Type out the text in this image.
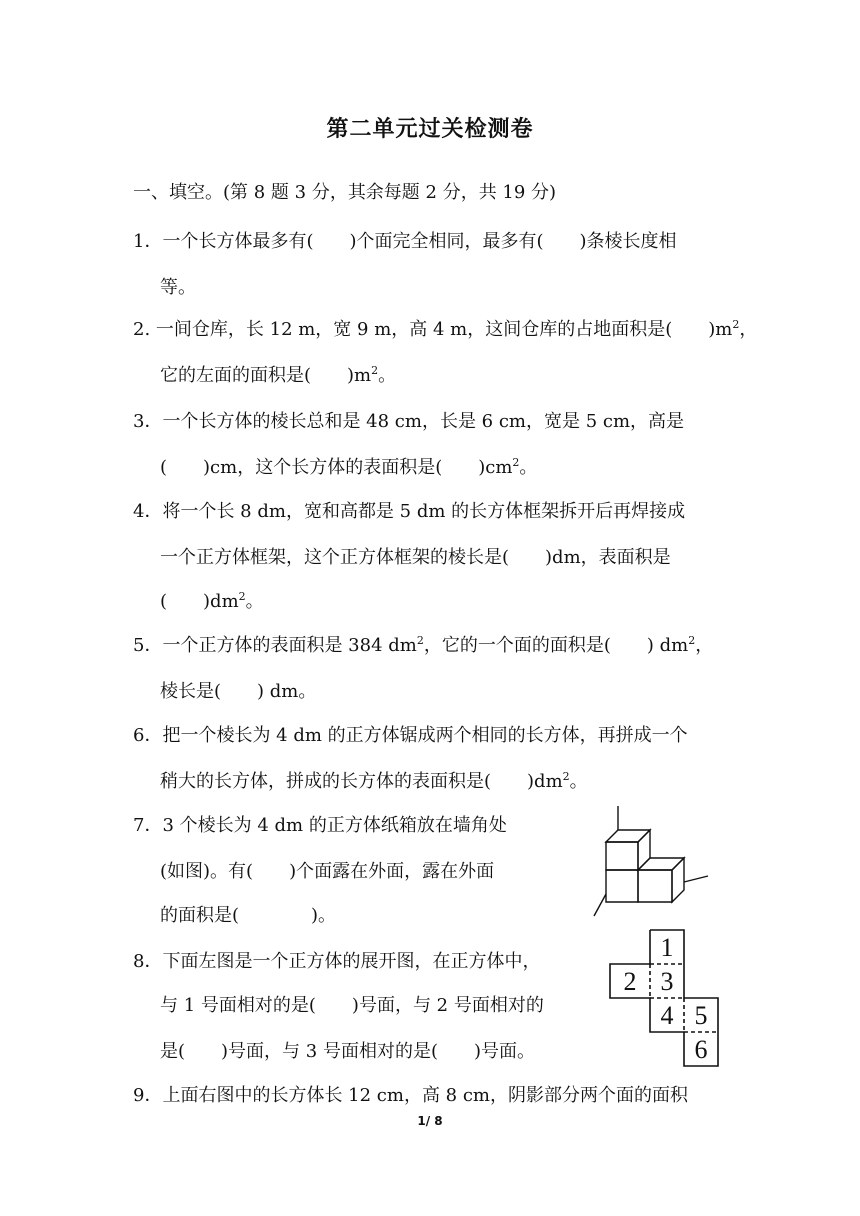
第二单元过关检测卷
一、填空。(第 8 题 3 分，其余每题 2 分，共 19 分)
1．一个长方体最多有(　　)个面完全相同，最多有(　　)条棱长度相
等。
2. 一间仓库，长 12 m，宽 9 m，高 4 m，这间仓库的占地面积是(　　)$m^2$，
它的左面的面积是(　　)$m^2$。
3．一个长方体的棱长总和是 48 cm，长是 6 cm，宽是 5 cm，高是
(　　)cm，这个长方体的表面积是(　　)$cm^2$。
4．将一个长 8 dm，宽和高都是 5 dm 的长方体框架拆开后再焊接成
一个正方体框架，这个正方体框架的棱长是(　　)dm，表面积是
(　　)$dm^2$。
5．一个正方体的表面积是 384 $dm^2$，它的一个面的面积是(　　) $dm^2$，
棱长是(　　) dm。
6．把一个棱长为 4 dm 的正方体锯成两个相同的长方体，再拼成一个
稍大的长方体，拼成的长方体的表面积是(　　)$dm^2$。
7．3 个棱长为 4 dm 的正方体纸箱放在墙角处
(如图)。有(　　)个面露在外面，露在外面
的面积是(　　　　)。
8．下面左图是一个正方体的展开图，在正方体中，
与 1 号面相对的是(　　)号面，与 2 号面相对的
是(　　)号面，与 3 号面相对的是(　　)号面。
1
2 3
4 5
6
9．上面右图中的长方体长 12 cm，高 8 cm，阴影部分两个面的面积
1/ 8
